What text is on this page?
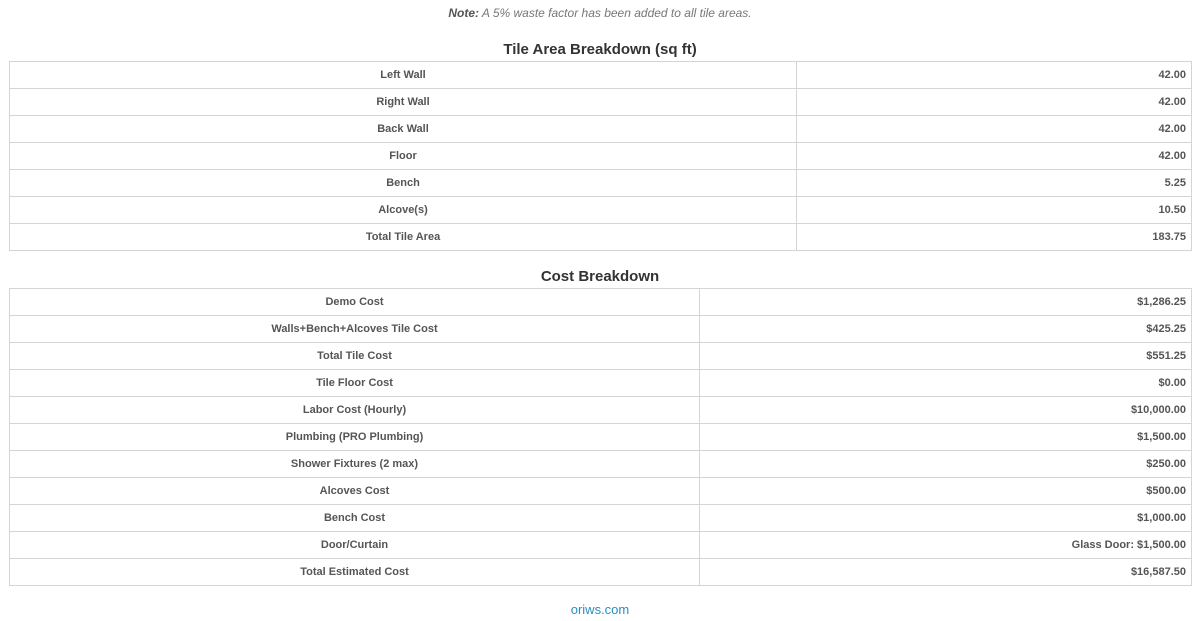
Note: A 5% waste factor has been added to all tile areas.

Tile Area Breakdown (sq ft)
Left Wall	42.00
Right Wall	42.00
Back Wall	42.00
Floor	42.00
Bench	5.25
Alcove(s)	10.50
Total Tile Area	183.75
Cost Breakdown
Demo Cost	$1,286.25
Walls+Bench+Alcoves Tile Cost	$425.25
Total Tile Cost	$551.25
Tile Floor Cost	$0.00
Labor Cost (Hourly)	$10,000.00
Plumbing (PRO Plumbing)	$1,500.00
Shower Fixtures (2 max)	$250.00
Alcoves Cost	$500.00
Bench Cost	$1,000.00
Door/Curtain	Glass Door: $1,500.00
Total Estimated Cost	$16,587.50
oriws.com
